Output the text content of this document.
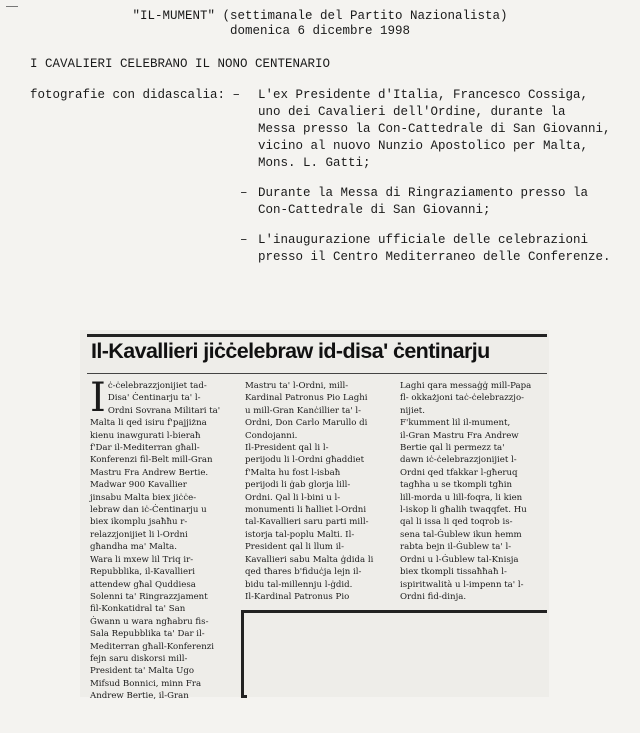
"IL-MUMENT" (settimanale del Partito Nazionalista)
domenica 6 dicembre 1998
I CAVALIERI CELEBRANO IL NONO CENTENARIO
fotografie con didascalia: – L'ex Presidente d'Italia, Francesco Cossiga,
uno dei Cavalieri dell'Ordine, durante la
Messa presso la Con-Cattedrale di San Giovanni,
vicino al nuovo Nunzio Apostolico per Malta,
Mons. L. Gatti;
– Durante la Messa di Ringraziamento presso la
Con-Cattedrale di San Giovanni;
– L'inaugurazione ufficiale delle celebrazioni
presso il Centro Mediterraneo delle Conferenze.
Il-Kavallieri jiċċelebraw id-disa' ċentinarju
I ċ-ċelebrazzjonijiet tad-

Disa' Ċentinarju ta' l-

Ordni Sovrana Militari ta'

Malta li qed isiru f'pajjiżna

kienu inawgurati l-bieraħ

f'Dar il-Mediterran għall-

Konferenzi fil-Belt mill-Gran

Mastru Fra Andrew Bertie.

Madwar 900 Kavallier

jinsabu Malta biex jiċċe-

lebraw dan iċ-Ċentinarju u

biex ikomplu jsaħħu r-

relazzjonijiet li l-Ordni

għandha ma' Malta.

Wara li mxew lil Triq ir-

Repubblika, il-Kavallieri

attendew għal Quddiesa

Solenni ta' Ringrazzjament

fil-Konkatidral ta' San

Ġwann u wara ngħabru fis-

Sala Repubblika ta' Dar il-

Mediterran għall-Konferenzi

fejn saru diskorsi mill-

President ta' Malta Ugo

Mifsud Bonnici, minn Fra

Andrew Bertie, il-Gran

Mastru ta' l-Ordni, mill-

Kardinal Patronus Pio Laghi

u mill-Gran Kanċillier ta' l-

Ordni, Don Carlo Marullo di

Condojanni.

Il-President qal li l-

perijodu li l-Ordni għaddiet

f'Malta hu fost l-isbaħ

perijodi li ġab glorja lill-

Ordni. Qal li l-bini u l-

monumenti li ħalliet l-Ordni

tal-Kavallieri saru parti mill-

istorja tal-poplu Malti. Il-

President qal li llum il-

Kavallieri sabu Malta ġdida li

qed tħares b'fiduċja lejn il-

bidu tal-millennju l-ġdid.

Il-Kardinal Patronus Pio

Laghi qara messaġġ mill-Papa

fl- okkażjoni taċ-ċelebrazzjo-

nijiet.

F'kumment lil il-mument,

il-Gran Mastru Fra Andrew

Bertie qal li permezz ta'

dawn iċ-ċelebrazzjonijiet l-

Ordni qed tfakkar l-għeruq

tagħha u se tkompli tgħin

lill-morda u lill-foqra, li kien

l-iskop li għalih twaqqfet. Hu

qal li issa li qed toqrob is-

sena tal-Ġublew ikun hemm

rabta bejn il-Ġublew ta' l-

Ordni u l-Ġublew tal-Knisja

biex tkompli tissaħħaħ l-

ispiritwalità u l-impenn ta' l-

Ordni fid-dinja.
